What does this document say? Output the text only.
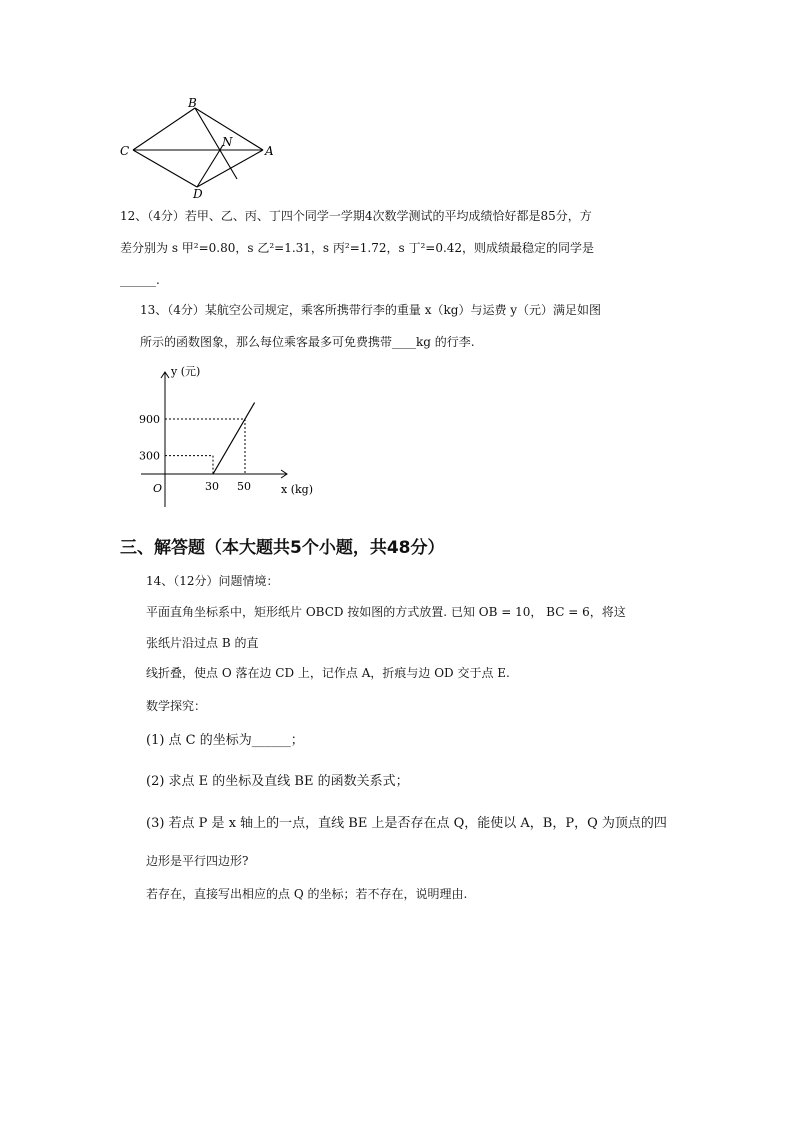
B
C
N
A
D
12、（4分）若甲、乙、丙、丁四个同学一学期4次数学测试的平均成绩恰好都是85分，方
差分别为 s 甲²=0.80，s 乙²=1.31，s 丙²=1.72，s 丁²=0.42，则成绩最稳定的同学是
______.
13、（4分）某航空公司规定，乘客所携带行李的重量 x（kg）与运费 y（元）满足如图
所示的函数图象，那么每位乘客最多可免费携带____kg 的行李.
30 50
300
900
y (元)
x (kg)
O
三、解答题（本大题共5个小题，共48分）
14、（12分）问题情境：
平面直角坐标系中，矩形纸片 OBCD 按如图的方式放置. 已知 OB = 10， BC = 6，将这
张纸片沿过点 B 的直
线折叠，使点 O 落在边 CD 上，记作点 A，折痕与边 OD 交于点 E.
数学探究：
(1) 点 C 的坐标为______；
(2) 求点 E 的坐标及直线 BE 的函数关系式；
(3) 若点 P 是 x 轴上的一点，直线 BE 上是否存在点 Q，能使以 A，B，P，Q 为顶点的四
边形是平行四边形?
若存在，直接写出相应的点 Q 的坐标；若不存在，说明理由.
